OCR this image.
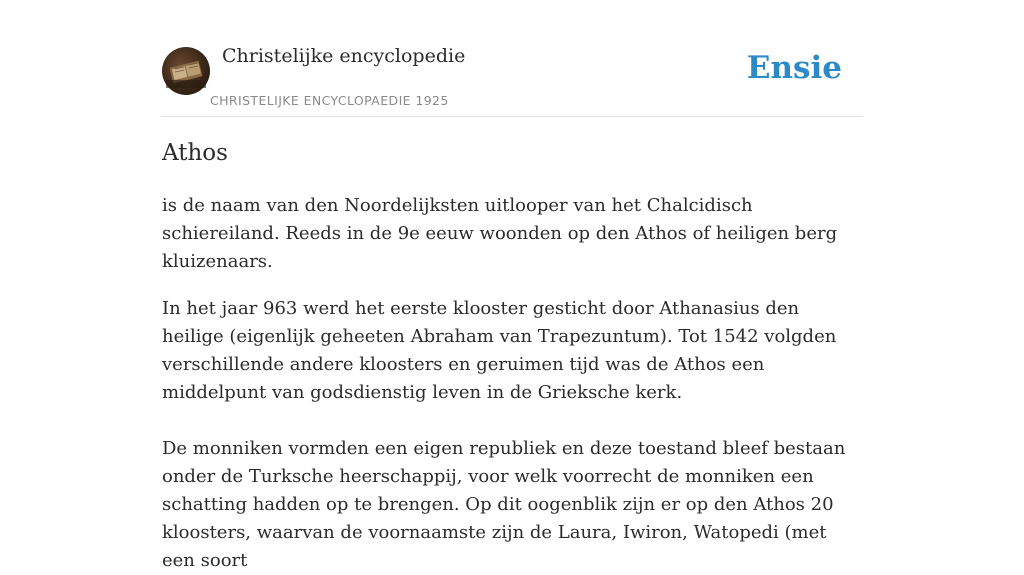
Christelijke encyclopedie
CHRISTELIJKE ENCYCLOPAEDIE 1925
Ensie
Athos

is de naam van den Noordelijksten uitlooper van het Chalcidisch schiereiland. Reeds in de 9e eeuw woonden op den Athos of heiligen berg kluizenaars.

In het jaar 963 werd het eerste klooster gesticht door Athanasius den heilige (eigenlijk geheeten Abraham van Trapezuntum). Tot 1542 volgden verschillende andere kloosters en geruimen tijd was de Athos een middelpunt van godsdienstig leven in de Grieksche kerk.

De monniken vormden een eigen republiek en deze toestand bleef bestaan onder de Turksche heerschappij, voor welk voorrecht de monniken een schatting hadden op te brengen. Op dit oogenblik zijn er op den Athos 20 kloosters, waarvan de voornaamste zijn de Laura, Iwiron, Watopedi (met een soort
